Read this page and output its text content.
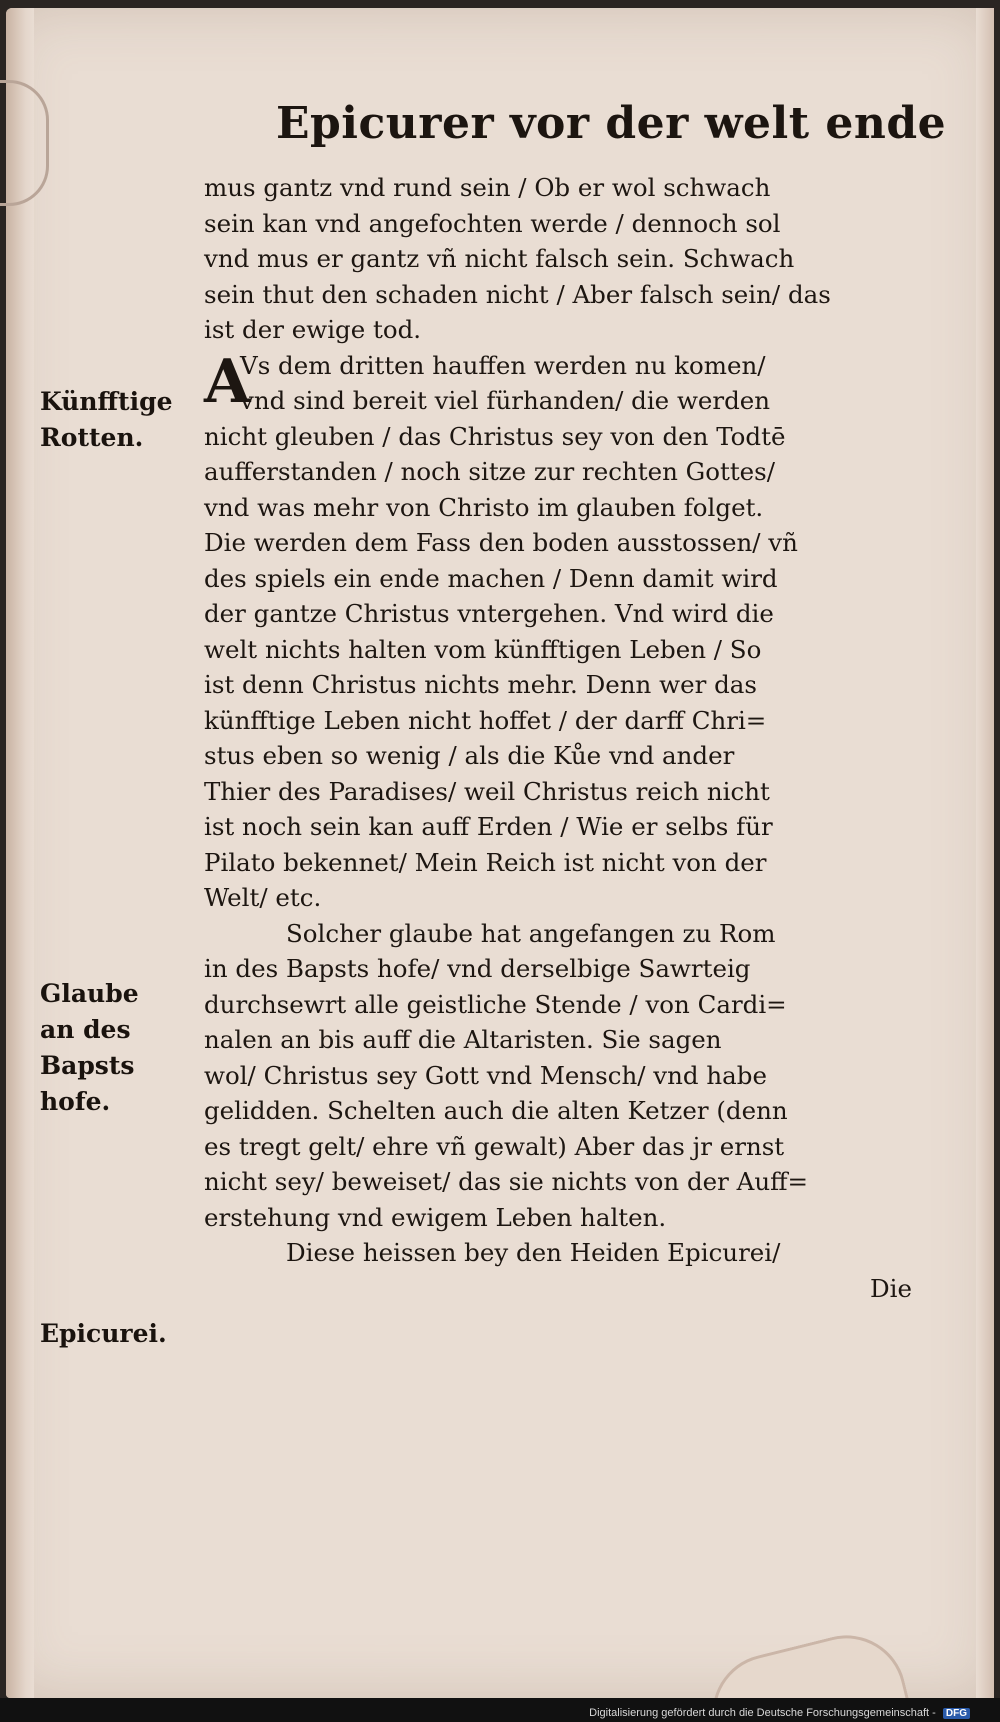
Epicurer vor der welt ende
mus gantz vnd rund sein / Ob er wol schwach
sein kan vnd angefochten werde / dennoch sol
vnd mus er gantz vñ nicht falsch sein. Schwach
sein thut den schaden nicht / Aber falsch sein/ das
ist der ewige tod.
A
Vs dem dritten hauffen werden nu komen/
vnd sind bereit viel fürhanden/ die werden
nicht gleuben / das Christus sey von den Todtē
aufferstanden / noch sitze zur rechten Gottes/
vnd was mehr von Christo im glauben folget.
Die werden dem Fass den boden ausstossen/ vñ
des spiels ein ende machen / Denn damit wird
der gantze Christus vntergehen. Vnd wird die
welt nichts halten vom künfftigen Leben / So
ist denn Christus nichts mehr. Denn wer das
künfftige Leben nicht hoffet / der darff Chri=
stus eben so wenig / als die Kůe vnd ander
Thier des Paradises/ weil Christus reich nicht
ist noch sein kan auff Erden / Wie er selbs für
Pilato bekennet/ Mein Reich ist nicht von der
Welt/ etc.
Solcher glaube hat angefangen zu Rom
in des Bapsts hofe/ vnd derselbige Sawrteig
durchsewrt alle geistliche Stende / von Cardi=
nalen an bis auff die Altaristen. Sie sagen
wol/ Christus sey Gott vnd Mensch/ vnd habe
gelidden. Schelten auch die alten Ketzer (denn
es tregt gelt/ ehre vñ gewalt) Aber das jr ernst
nicht sey/ beweiset/ das sie nichts von der Auff=
erstehung vnd ewigem Leben halten.
Diese heissen bey den Heiden Epicurei/
Die
Künfftige
Rotten.
Glaube
an des
Bapsts
hofe.
Epicurei.
Digitalisierung gefördert durch die Deutsche Forschungsgemeinschaft - DFG
